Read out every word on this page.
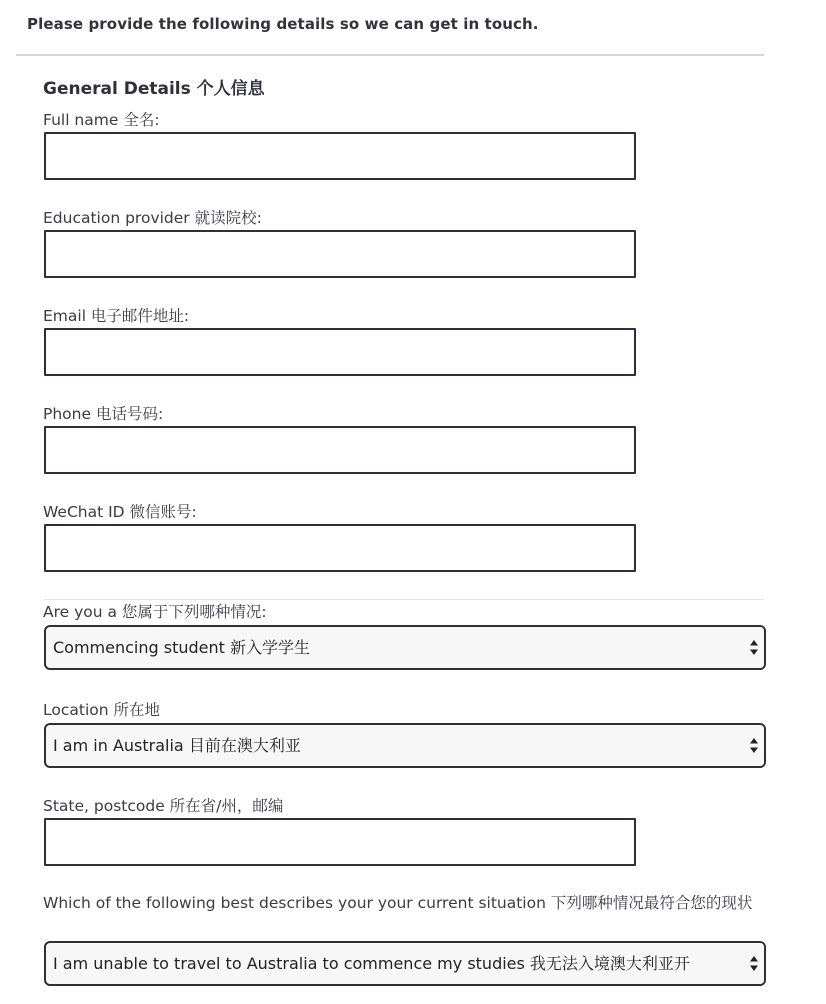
Please provide the following details so we can get in touch.
General Details 个人信息
Full name 全名:
Education provider 就读院校:
Email 电子邮件地址:
Phone 电话号码:
WeChat ID 微信账号:
Are you a 您属于下列哪种情况:
Commencing student 新入学学生
Location 所在地
I am in Australia 目前在澳大利亚
State, postcode 所在省/州，邮编
Which of the following best describes your your current situation 下列哪种情况最符合您的现状
I am unable to travel to Australia to commence my studies 我无法入境澳大利亚开
